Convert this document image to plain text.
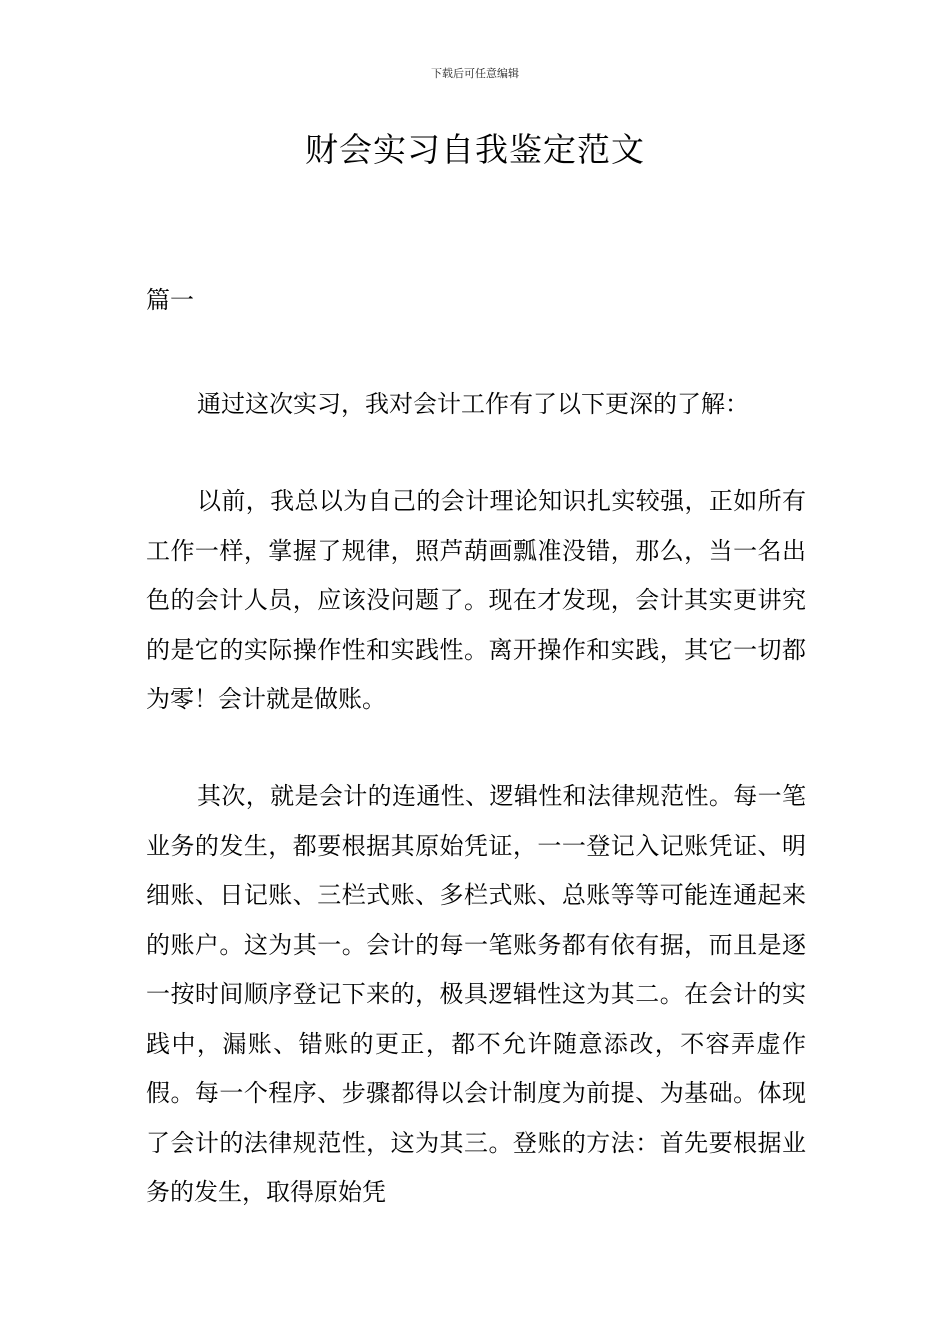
下载后可任意编辑
财会实习自我鉴定范文
篇一

通过这次实习，我对会计工作有了以下更深的了解：

以前，我总以为自己的会计理论知识扎实较强，正如所有工作一样，掌握了规律，照芦葫画瓢准没错，那么，当一名出色的会计人员，应该没问题了。现在才发现，会计其实更讲究的是它的实际操作性和实践性。离开操作和实践，其它一切都为零！会计就是做账。

其次，就是会计的连通性、逻辑性和法律规范性。每一笔业务的发生，都要根据其原始凭证，一一登记入记账凭证、明细账、日记账、三栏式账、多栏式账、总账等等可能连通起来的账户。这为其一。会计的每一笔账务都有依有据，而且是逐一按时间顺序登记下来的，极具逻辑性这为其二。在会计的实践中，漏账、错账的更正，都不允许随意添改，不容弄虚作假。每一个程序、步骤都得以会计制度为前提、为基础。体现了会计的法律规范性，这为其三。登账的方法：首先要根据业务的发生，取得原始凭
